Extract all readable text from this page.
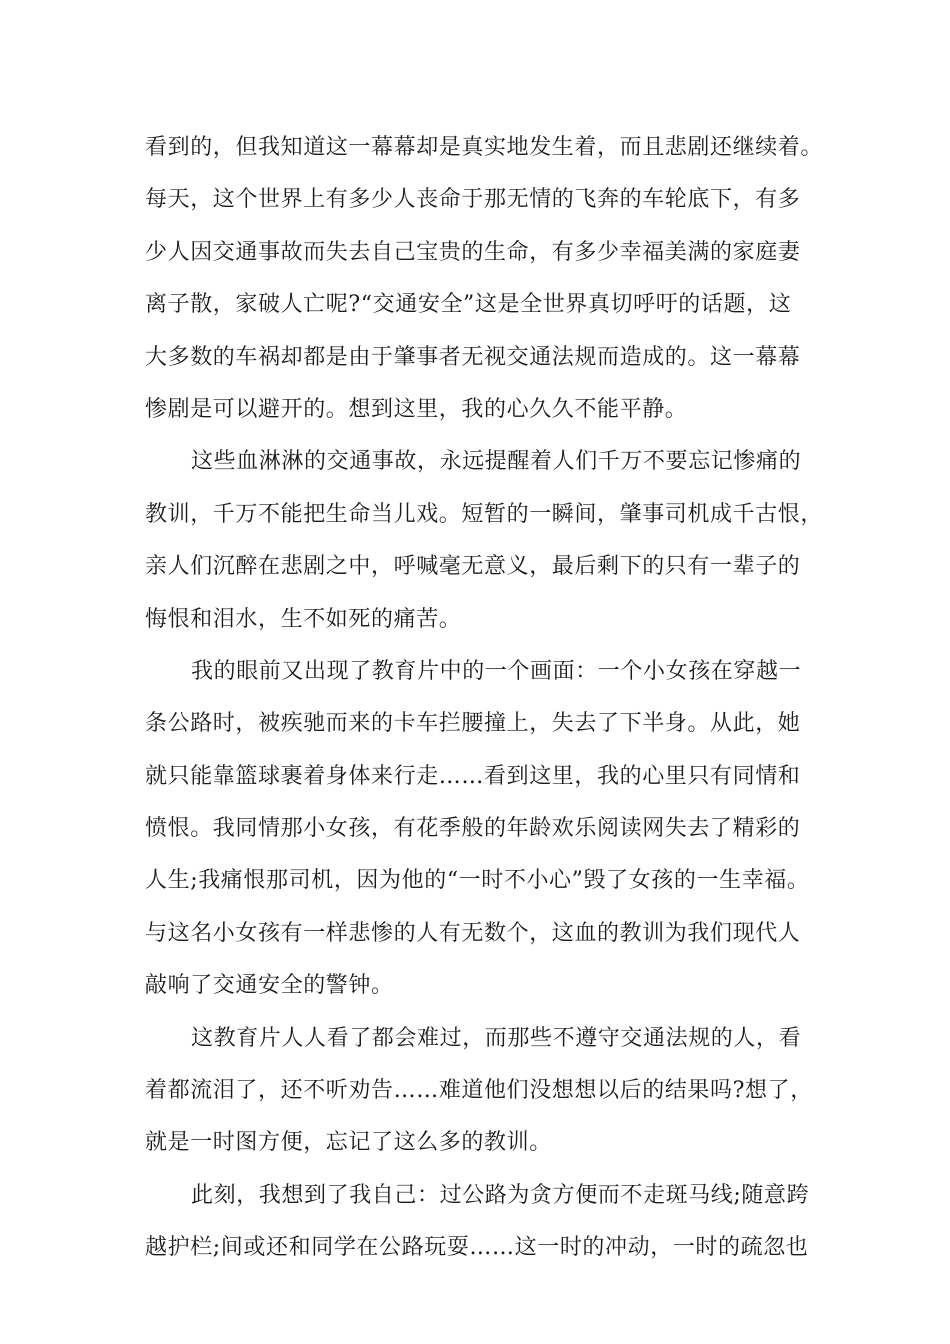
看到的，但我知道这一幕幕却是真实地发生着，而且悲剧还继续着。
每天，这个世界上有多少人丧命于那无情的飞奔的车轮底下，有多
少人因交通事故而失去自己宝贵的生命，有多少幸福美满的家庭妻
离子散，家破人亡呢?“交通安全”这是全世界真切呼吁的话题，这
大多数的车祸却都是由于肇事者无视交通法规而造成的。这一幕幕
惨剧是可以避开的。想到这里，我的心久久不能平静。
这些血淋淋的交通事故，永远提醒着人们千万不要忘记惨痛的
教训，千万不能把生命当儿戏。短暂的一瞬间，肇事司机成千古恨，
亲人们沉醉在悲剧之中，呼喊毫无意义，最后剩下的只有一辈子的
悔恨和泪水，生不如死的痛苦。
我的眼前又出现了教育片中的一个画面：一个小女孩在穿越一
条公路时，被疾驰而来的卡车拦腰撞上，失去了下半身。从此，她
就只能靠篮球裹着身体来行走……看到这里，我的心里只有同情和
愤恨。我同情那小女孩，有花季般的年龄欢乐阅读网失去了精彩的
人生;我痛恨那司机，因为他的“一时不小心”毁了女孩的一生幸福。
与这名小女孩有一样悲惨的人有无数个，这血的教训为我们现代人
敲响了交通安全的警钟。
这教育片人人看了都会难过，而那些不遵守交通法规的人，看
着都流泪了，还不听劝告……难道他们没想想以后的结果吗?想了，
就是一时图方便，忘记了这么多的教训。
此刻，我想到了我自己：过公路为贪方便而不走斑马线;随意跨
越护栏;间或还和同学在公路玩耍……这一时的冲动，一时的疏忽也
